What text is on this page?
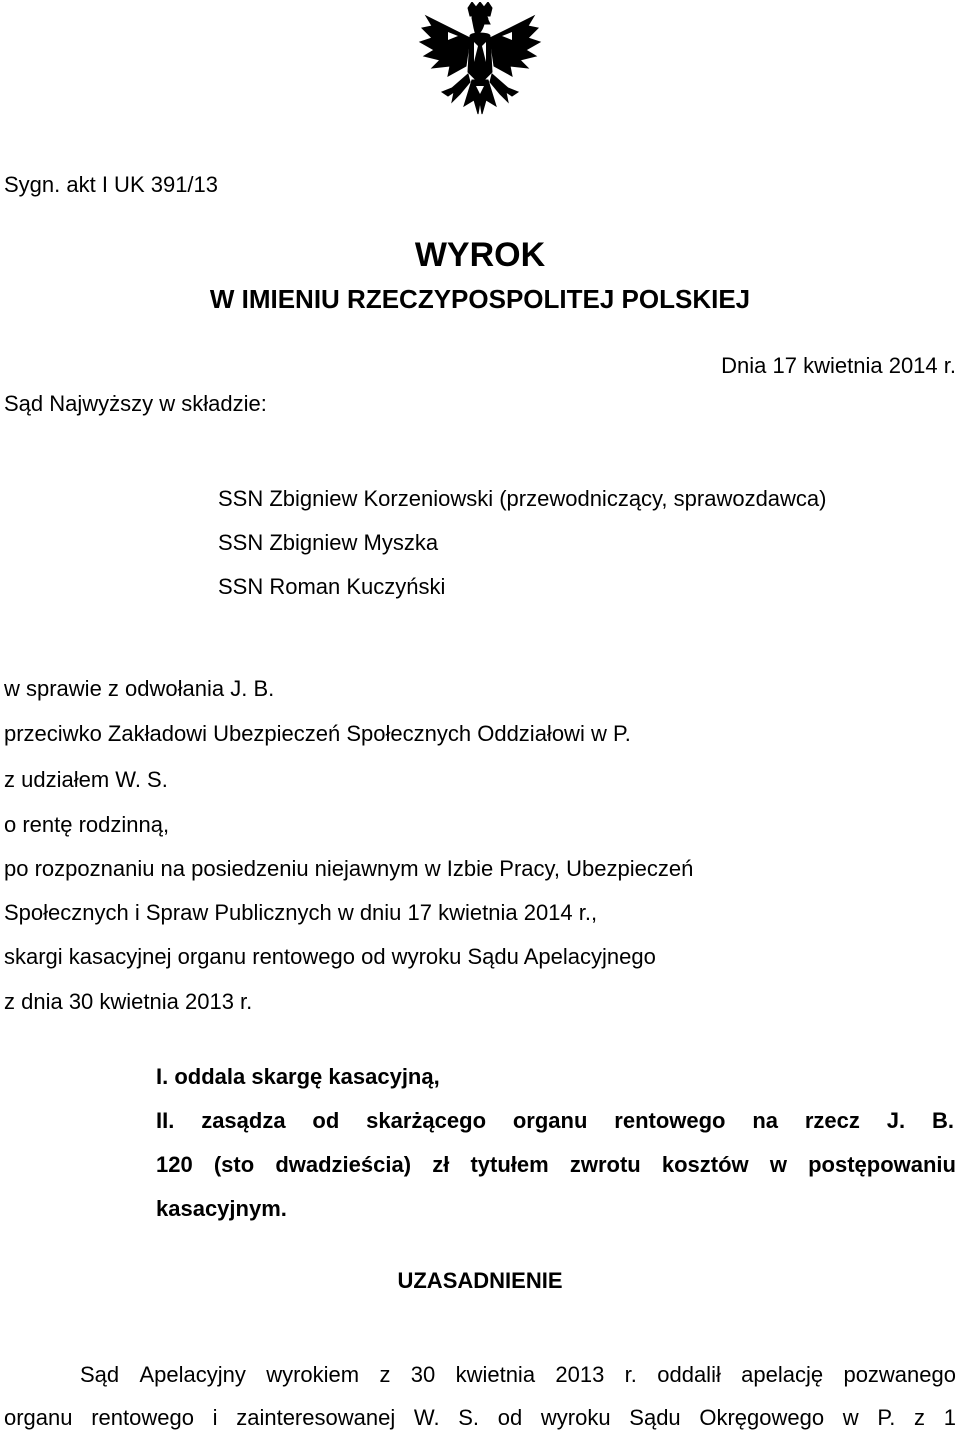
Sygn. akt I UK 391/13
WYROK
W IMIENIU RZECZYPOSPOLITEJ POLSKIEJ
Dnia 17 kwietnia 2014 r.
Sąd Najwyższy w składzie:
SSN Zbigniew Korzeniowski (przewodniczący, sprawozdawca)
SSN Zbigniew Myszka
SSN Roman Kuczyński
w sprawie z odwołania J. B.
przeciwko Zakładowi Ubezpieczeń Społecznych Oddziałowi w P.
z udziałem W. S.
o rentę rodzinną,
po rozpoznaniu na posiedzeniu niejawnym w Izbie Pracy, Ubezpieczeń
Społecznych i Spraw Publicznych w dniu 17 kwietnia 2014 r.,
skargi kasacyjnej organu rentowego od wyroku Sądu Apelacyjnego
z dnia 30 kwietnia 2013 r.
I. oddala skargę kasacyjną,
II. zasądza od skarżącego organu rentowego na rzecz J. B.
120 (sto dwadzieścia) zł tytułem zwrotu kosztów w postępowaniu
kasacyjnym.
UZASADNIENIE
Sąd Apelacyjny wyrokiem z 30 kwietnia 2013 r. oddalił apelację pozwanego
organu rentowego i zainteresowanej W. S. od wyroku Sądu Okręgowego w P. z 1
